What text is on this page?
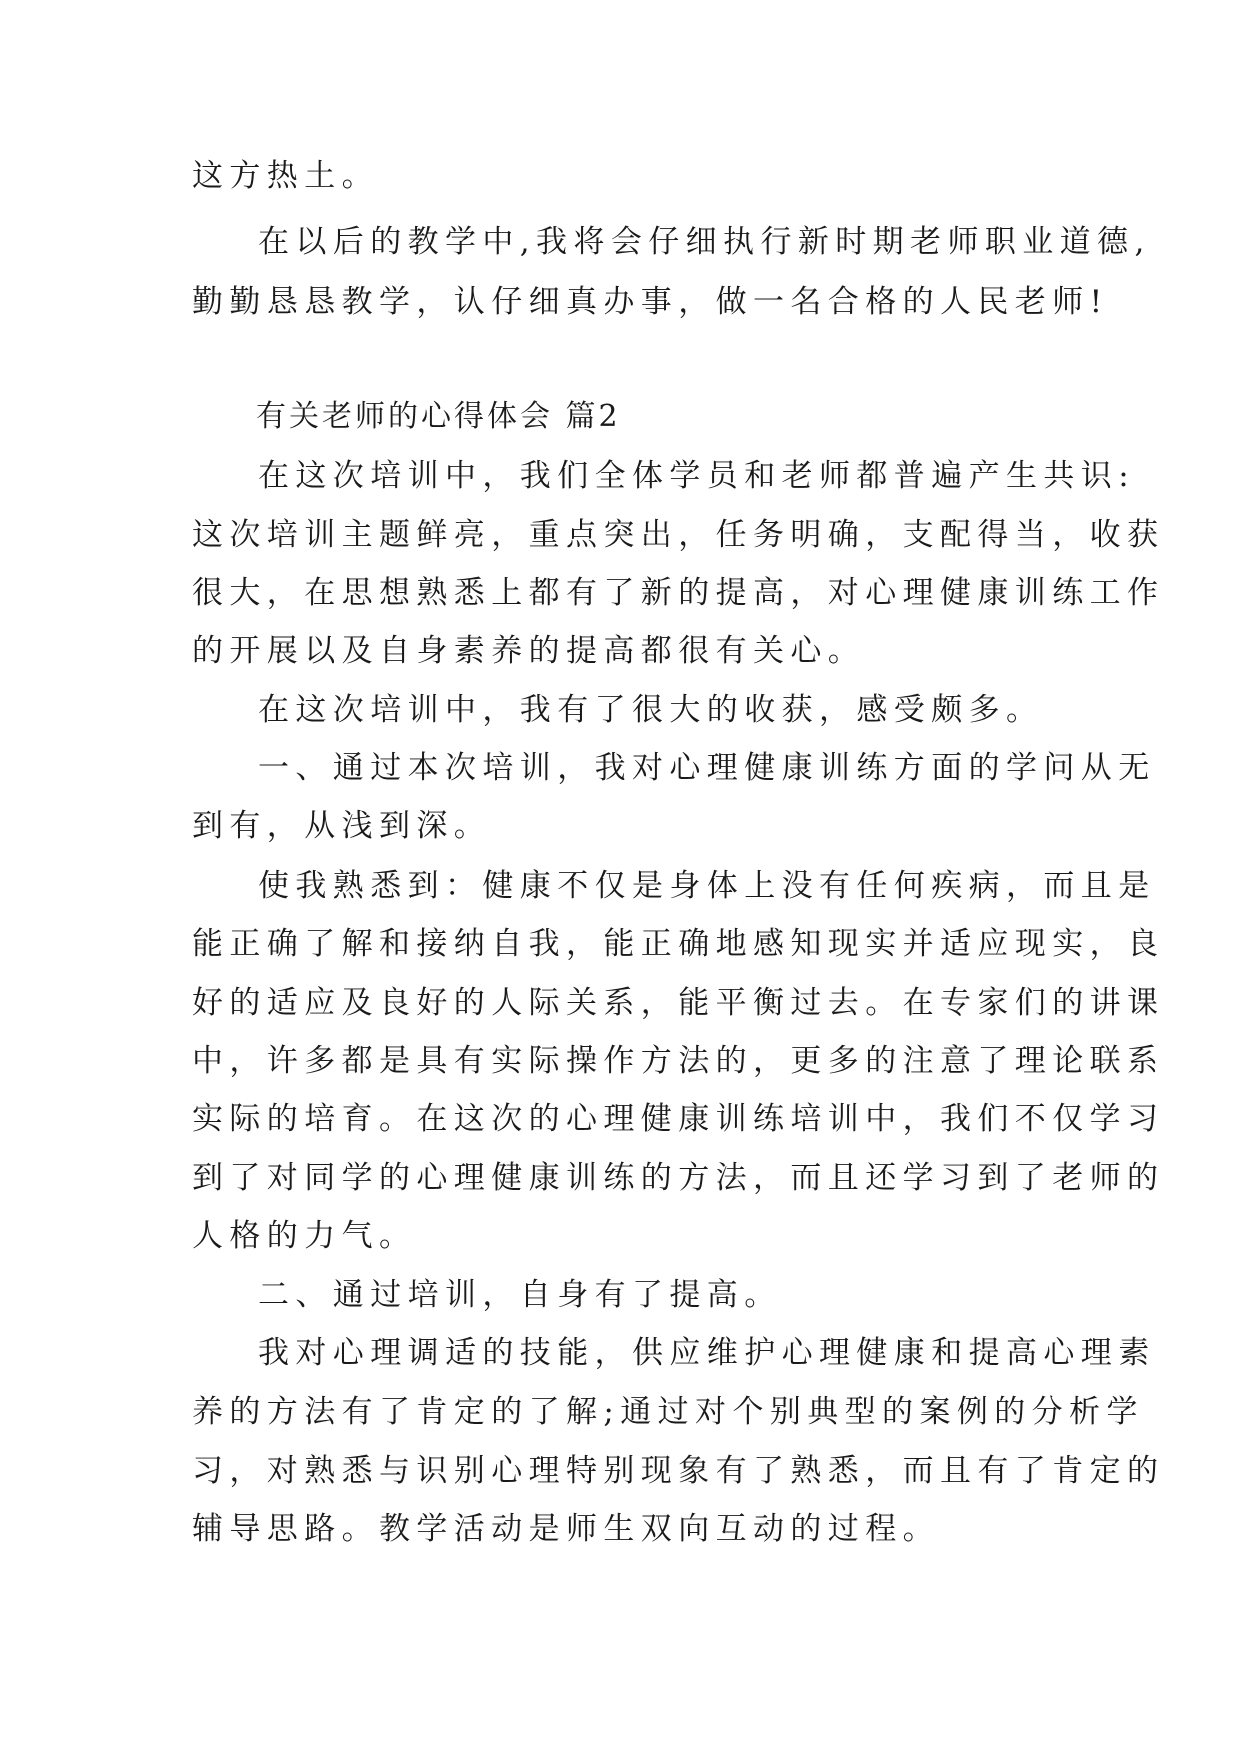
这方热土。
在以后的教学中,我将会仔细执行新时期老师职业道德,
勤勤恳恳教学，认仔细真办事，做一名合格的人民老师!
有关老师的心得体会 篇2
在这次培训中，我们全体学员和老师都普遍产生共识:
这次培训主题鲜亮，重点突出，任务明确，支配得当，收获
很大，在思想熟悉上都有了新的提高，对心理健康训练工作
的开展以及自身素养的提高都很有关心。
在这次培训中，我有了很大的收获，感受颇多。
一、通过本次培训，我对心理健康训练方面的学问从无
到有，从浅到深。
使我熟悉到：健康不仅是身体上没有任何疾病，而且是
能正确了解和接纳自我，能正确地感知现实并适应现实，良
好的适应及良好的人际关系，能平衡过去。在专家们的讲课
中，许多都是具有实际操作方法的，更多的注意了理论联系
实际的培育。在这次的心理健康训练培训中，我们不仅学习
到了对同学的心理健康训练的方法，而且还学习到了老师的
人格的力气。
二、通过培训，自身有了提高。
我对心理调适的技能，供应维护心理健康和提高心理素
养的方法有了肯定的了解;通过对个别典型的案例的分析学
习，对熟悉与识别心理特别现象有了熟悉，而且有了肯定的
辅导思路。教学活动是师生双向互动的过程。
